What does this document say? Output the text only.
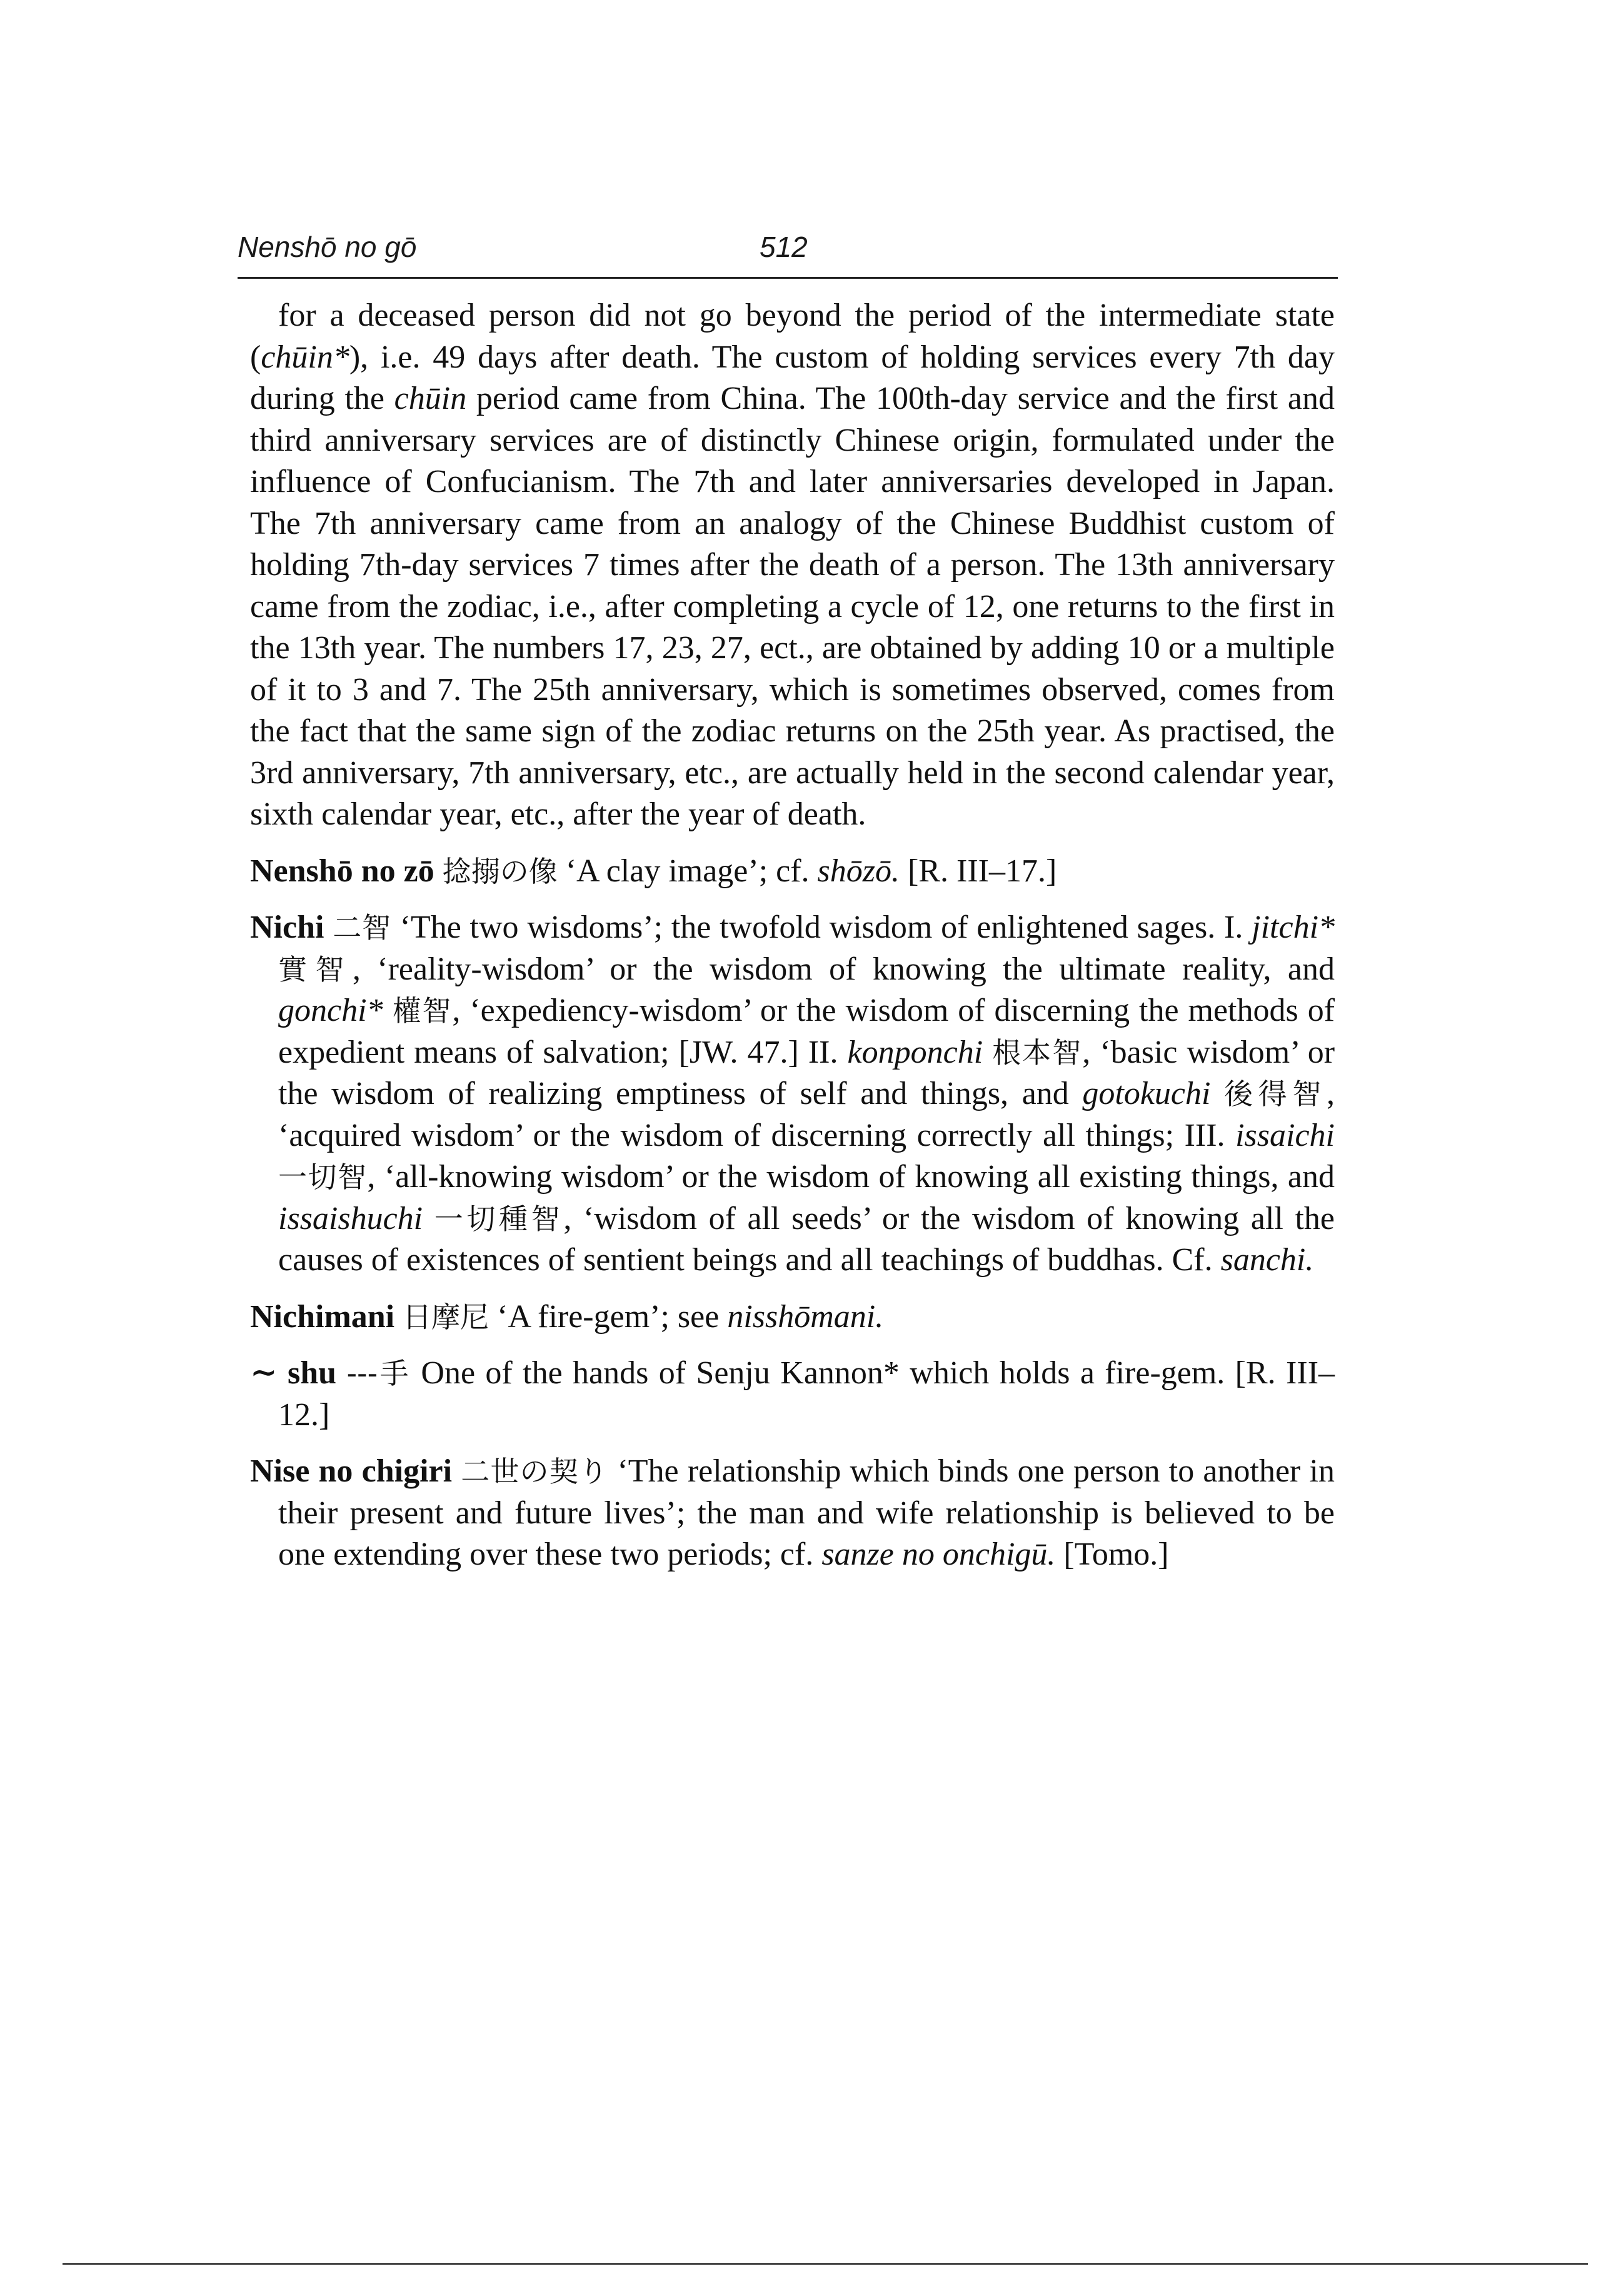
Nenshō no gō	512

for a deceased person did not go beyond the period of the intermediate state (chūin*), i.e. 49 days after death. The custom of holding services every 7th day during the chūin period came from China. The 100th-day service and the first and third anniversary services are of distinctly Chinese origin, formulated under the influence of Confucianism. The 7th and later anniversaries developed in Japan. The 7th anniversary came from an analogy of the Chinese Buddhist custom of holding 7th-day services 7 times after the death of a person. The 13th anniversary came from the zodiac, i.e., after completing a cycle of 12, one returns to the first in the 13th year. The numbers 17, 23, 27, ect., are obtained by adding 10 or a multiple of it to 3 and 7. The 25th anniversary, which is sometimes observed, comes from the fact that the same sign of the zodiac returns on the 25th year. As practised, the 3rd anniversary, 7th anniversary, etc., are actually held in the second calendar year, sixth calendar year, etc., after the year of death.

Nenshō no zō 捻搦の像 ‘A clay image’; cf. shōzō. [R. III–17.]

Nichi 二智 ‘The two wisdoms’; the twofold wisdom of enlightened sages. I. jitchi* 實智, ‘reality-wisdom’ or the wisdom of knowing the ultimate reality, and gonchi* 權智, ‘expediency-wisdom’ or the wisdom of discerning the methods of expedient means of salvation; [JW. 47.] II. konponchi 根本智, ‘basic wisdom’ or the wisdom of realizing emptiness of self and things, and gotokuchi 後得智, ‘acquired wisdom’ or the wisdom of discerning correctly all things; III. issaichi 一切智, ‘all-knowing wisdom’ or the wisdom of knowing all existing things, and issaishuchi 一切種智, ‘wisdom of all seeds’ or the wisdom of knowing all the causes of existences of sentient beings and all teachings of buddhas. Cf. sanchi.

Nichimani 日摩尼 ‘A fire-gem’; see nisshōmani.

∼ shu ---手 One of the hands of Senju Kannon* which holds a fire-gem. [R. III–12.]

Nise no chigiri 二世の契り ‘The relationship which binds one person to another in their present and future lives’; the man and wife relationship is believed to be one extending over these two periods; cf. sanze no onchigū. [Tomo.]
